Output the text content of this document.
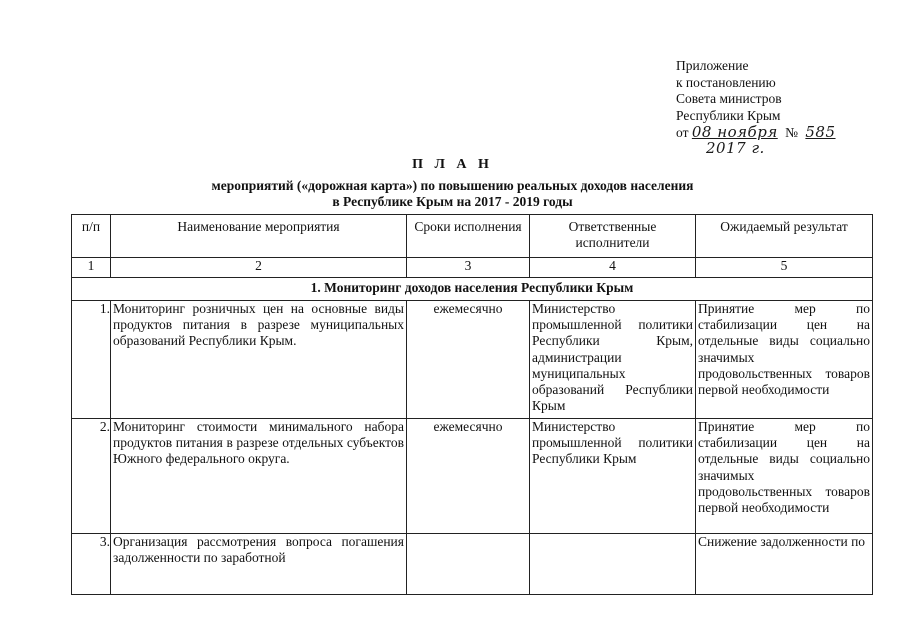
Приложение
к постановлению
Совета министров
Республики Крым
от 08 ноября № 585
2017 г.
П Л А Н
мероприятий («дорожная карта») по повышению реальных доходов населения
в Республике Крым на 2017 - 2019 годы
п/п	Наименование мероприятия	Сроки исполнения	Ответственные исполнители	Ожидаемый результат
1	2	3	4	5
1. Мониторинг доходов населения Республики Крым				
1.	Мониторинг розничных цен на основные виды продуктов питания в разрезе муниципальных образований Республики Крым.	ежемесячно	Министерство промышленной политики Республики Крым, администрации муниципальных образований Республики Крым	Принятие мер по стабилизации цен на отдельные виды социально значимых продовольственных товаров первой необходимости
2.	Мониторинг стоимости минимального набора продуктов питания в разрезе отдельных субъектов Южного федерального округа.	ежемесячно	Министерство промышленной политики Республики Крым	Принятие мер по стабилизации цен на отдельные виды социально значимых продовольственных товаров первой необходимости
3.	Организация рассмотрения вопроса погашения задолженности по заработной			Снижение задолженности по
